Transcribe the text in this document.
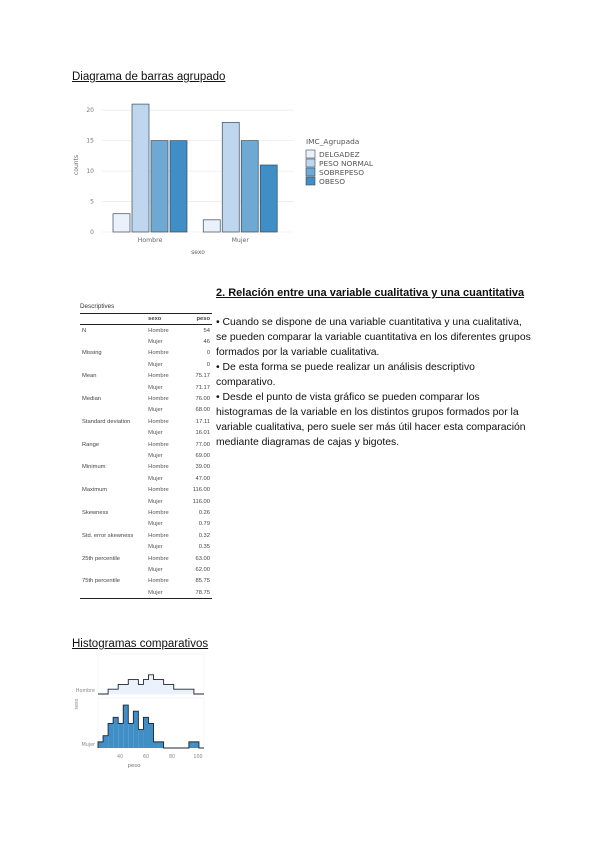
Diagrama de barras agrupado
0
5
10
15
20
Hombre	Mujer
sexo
counts
IMC_Agrupada
DELGADEZ
PESO NORMAL
SOBREPESO
OBESO
2. Relación entre una variable cualitativa y una cuantitativa

• Cuando se dispone de una variable cuantitativa y una cualitativa, se pueden comparar la variable cuantitativa en los diferentes grupos formados por la variable cualitativa.

• De esta forma se puede realizar un análisis descriptivo comparativo.

• Desde el punto de vista gráfico se pueden comparar los histogramas de la variable en los distintos grupos formados por la variable cualitativa, pero suele ser más útil hacer esta comparación mediante diagramas de cajas y bigotes.

Descriptives
	sexo	peso
N	Hombre	54
	Mujer	46
Missing	Hombre	0
	Mujer	0
Mean	Hombre	75.17
	Mujer	71.17
Median	Hombre	76.00
	Mujer	68.00
Standard deviation	Hombre	17.11
	Mujer	16.01
Range	Hombre	77.00
	Mujer	69.00
Minimum	Hombre	39.00
	Mujer	47.00
Maximum	Hombre	116.00
	Mujer	116.00
Skewness	Hombre	0.26
	Mujer	0.79
Std. error skewness	Hombre	0.32
	Mujer	0.35
25th percentile	Hombre	63.00
	Mujer	62.00
75th percentile	Hombre	85.75
	Mujer	78.75
Histogramas comparativos
Hombre
Mujer
40	60	80	100
peso
sexo
